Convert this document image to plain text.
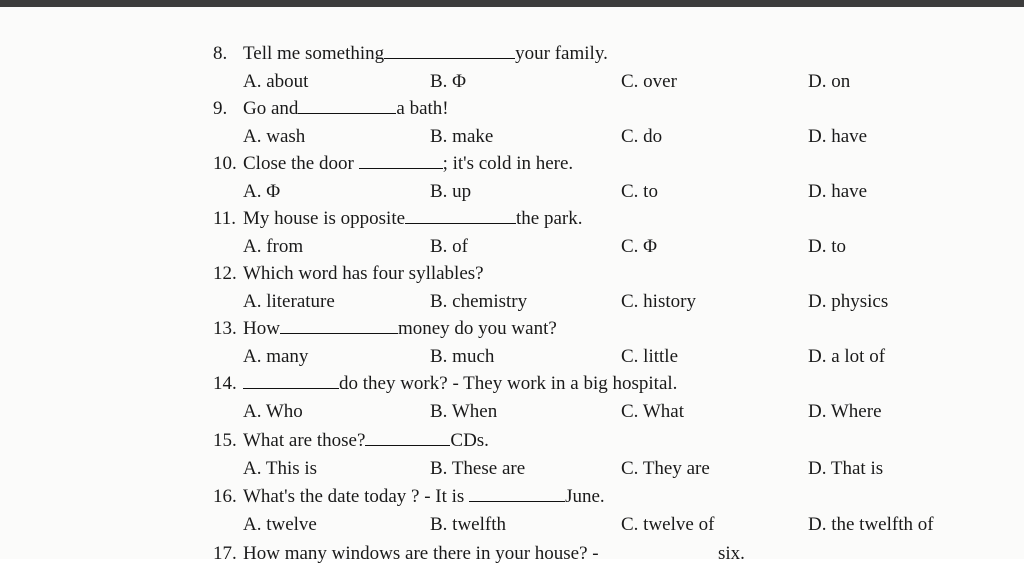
8. Tell me something	your family.
A. about	B. Φ	C. over	D. on
9. Go and	a bath!
A. wash	B. make	C. do	D. have
10. Close the door	; it's cold in here.
A. Φ	B. up	C. to	D. have
11. My house is opposite	the park.
A. from	B. of	C. Φ	D. to
12. Which word has four syllables?
A. literature	B. chemistry	C. history	D. physics
13. How	money do you want?
A. many	B. much	C. little	D. a lot of
14.	do they work? - They work in a big hospital.
A. Who	B. When	C. What	D. Where
15. What are those?	CDs.
A. This is	B. These are	C. They are	D. That is
16. What's the date today ? - It is	June.
A. twelve	B. twelfth	C. twelve of	D. the twelfth of
17. How many windows are there in your house? -	six.
